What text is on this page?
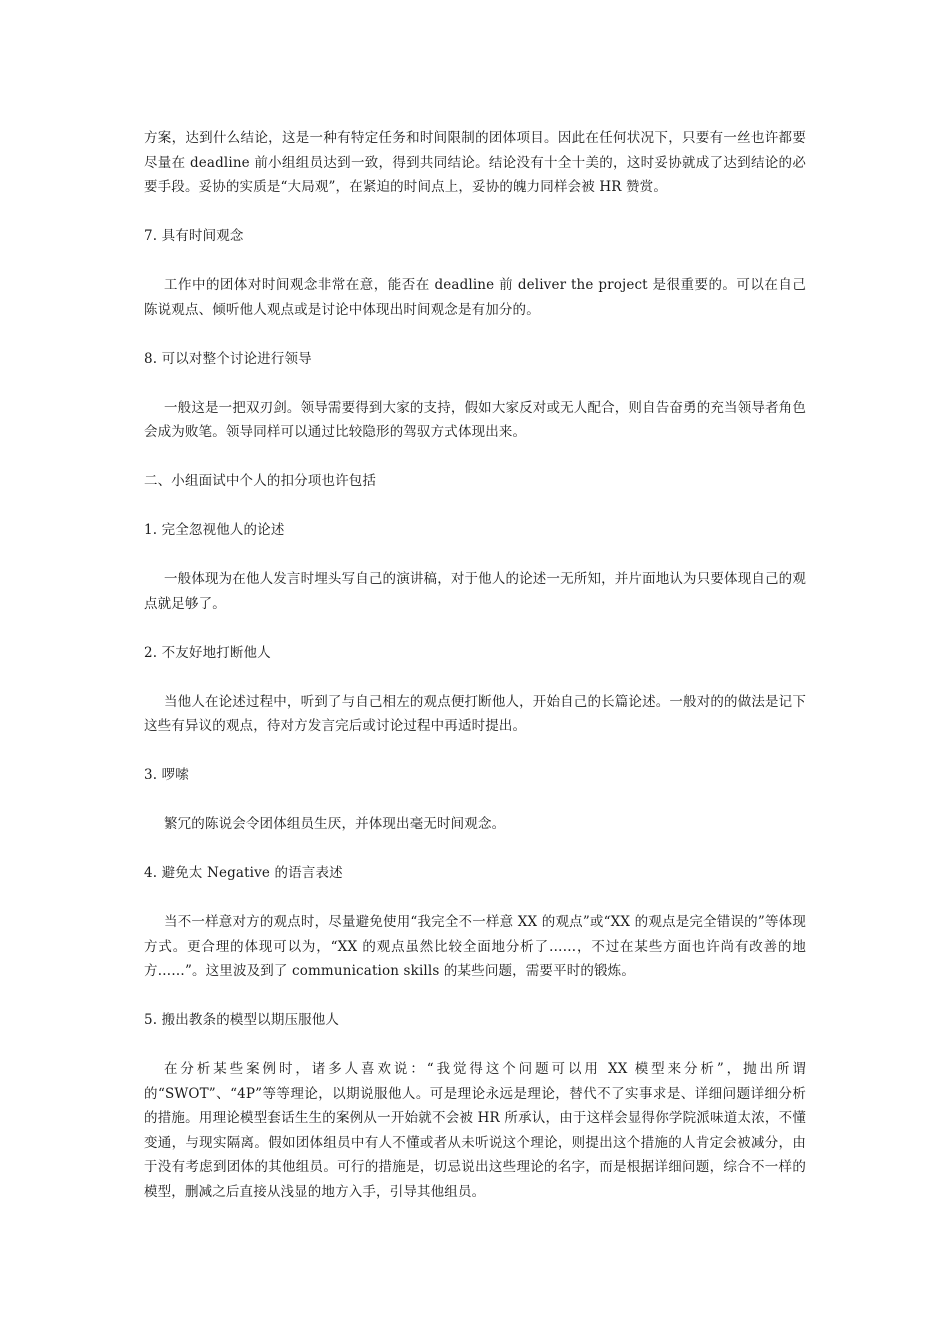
方案，达到什么结论，这是一种有特定任务和时间限制的团体项目。因此在任何状况下，只要有一丝也许都要尽量在 deadline 前小组组员达到一致，得到共同结论。结论没有十全十美的，这时妥协就成了达到结论的必要手段。妥协的实质是“大局观”，在紧迫的时间点上，妥协的魄力同样会被 HR 赞赏。

7. 具有时间观念

工作中的团体对时间观念非常在意，能否在 deadline 前 deliver the project 是很重要的。可以在自己陈说观点、倾听他人观点或是讨论中体现出时间观念是有加分的。

8. 可以对整个讨论进行领导

一般这是一把双刃剑。领导需要得到大家的支持，假如大家反对或无人配合，则自告奋勇的充当领导者角色会成为败笔。领导同样可以通过比较隐形的驾驭方式体现出来。

二、小组面试中个人的扣分项也许包括

1. 完全忽视他人的论述

一般体现为在他人发言时埋头写自己的演讲稿，对于他人的论述一无所知，并片面地认为只要体现自己的观点就足够了。

2. 不友好地打断他人

当他人在论述过程中，听到了与自己相左的观点便打断他人，开始自己的长篇论述。一般对的的做法是记下这些有异议的观点，待对方发言完后或讨论过程中再适时提出。

3. 啰嗦

繁冗的陈说会令团体组员生厌，并体现出毫无时间观念。

4. 避免太 Negative 的语言表述

当不一样意对方的观点时，尽量避免使用“我完全不一样意 XX 的观点”或“XX 的观点是完全错误的”等体现方式。更合理的体现可以为，“XX 的观点虽然比较全面地分析了……，不过在某些方面也许尚有改善的地方……”。这里波及到了 communication skills 的某些问题，需要平时的锻炼。

5. 搬出教条的模型以期压服他人

在分析某些案例时，诸多人喜欢说：“我觉得这个问题可以用 XX 模型来分析”，抛出所谓的“SWOT”、“4P”等等理论，以期说服他人。可是理论永远是理论，替代不了实事求是、详细问题详细分析的措施。用理论模型套话生生的案例从一开始就不会被 HR 所承认，由于这样会显得你学院派味道太浓，不懂变通，与现实隔离。假如团体组员中有人不懂或者从未听说这个理论，则提出这个措施的人肯定会被减分，由于没有考虑到团体的其他组员。可行的措施是，切忌说出这些理论的名字，而是根据详细问题，综合不一样的模型，删减之后直接从浅显的地方入手，引导其他组员。
